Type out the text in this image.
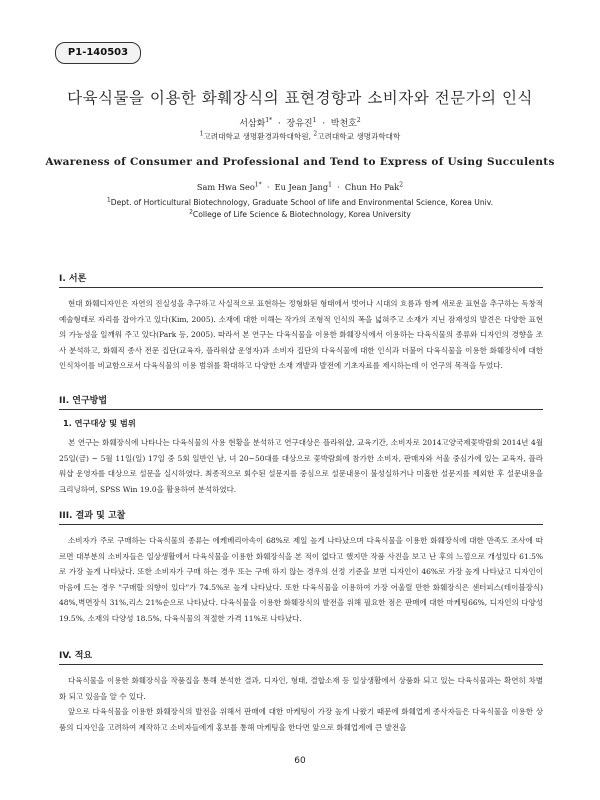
P1-140503
다육식물을 이용한 화훼장식의 표현경향과 소비자와 전문가의 인식
서삼화$^{1*}$  ·  장유진$^1$  ·  박천호$^2$
$^1$고려대학교 생명환경과학대학원, $^2$고려대학교 생명과학대학
Awareness of Consumer and Professional and Tend to Express of Using Succulents
Sam Hwa Seo$^{1*}$  ·  Eu Jean Jang$^1$  ·  Chun Ho Pak$^2$
$^1$Dept. of Horticultural Biotechnology, Graduate School of life and Environmental Science, Korea Univ.
$^2$College of Life Science & Biotechnology, Korea University
I. 서론

현대 화훼디자인은 자연의 진실성을 추구하고 사실적으로 표현하는 정형화된 형태에서 벗어나 시대의 흐름과 함께 새로운 표현을 추구하는 독창적 예술형태로 자리를 잡아가고 있다(Kim, 2005). 소재에 대한 이해는 작가의 조형적 인식의 폭을 넓혀주고 소재가 지닌 잠재성의 발견은 다양한 표현의 가능성을 일깨워 주고 있다(Park 등, 2005). 따라서 본 연구는 다육식물을 이용한 화훼장식에서 이용하는 다육식물의 종류와 디자인의 경향을 조사 분석하고, 화훼직 종사 전문 집단(교육자, 플라워샵 운영자)과 소비자 집단의 다육식물에 대한 인식과 더불어 다육식물을 이용한 화훼장식에 대한 인식차이를 비교함으로서 다육식물의 이용 범위를 확대하고 다양한 소재 개발과 발전에 기초자료를 제시하는데 이 연구의 목적을 두었다.

II. 연구방법
1. 연구대상 및 범위

본 연구는 화훼장식에 나타나는 다육식물의 사용 현황을 분석하고 연구대상은 플라워샵, 교육기간, 소비자로 2014고양국제꽃박람회 2014년 4월 25일(금) ~ 5월 11일(일) 17일 중 5회 일반인 남, 녀 20~50대를 대상으로 꽃박람회에 참가한 소비자, 판매자와 서울 중심가에 있는 교육자, 플라워샵 운영자를 대상으로 설문을 실시하였다. 최종적으로 회수된 설문지를 중심으로 설문내용이 불성실하거나 미흡한 설문지를 제외한 후 설문내용을 크리닝하여, SPSS Win 19.0을 활용하여 분석하였다.

III. 결과 및 고찰

소비자가 주로 구매하는 다육식물의 종류는 에케베리아속이 68%로 제일 높게 나타났으며 다육식물을 이용한 화훼장식에 대한 만족도 조사에 따르면 대부분의 소비자들은 일상생활에서 다육식물을 이용한 화훼장식을 본 적이 없다고 했지만 작품 사진을 보고 난 후의 느낌으로 개성있다 61.5%로 가장 높게 나타났다. 또한 소비자가 구매 하는 경우 또는 구매 하지 않는 경우의 선정 기준을 보면 디자인이 46%로 가장 높게 나타났고 디자인이 마음에 드는 경우 "구매할 의향이 있다"가 74.5%로 높게 나타났다. 또한 다육식물을 이용하여 가장 어울릴 만한 화훼장식은 센터피스(테이블장식) 48%,벽면장식 31%,리스 21%순으로 나타났다. 다육식물을 이용한 화훼장식의 발전을 위해 필요한 점은 판매에 대한 마케팅66%, 디자인의 다양성 19.5%, 소재의 다양성 18.5%, 다육식물의 적절한 가격 11%로 나타났다.

IV. 적요

다육식물을 이용한 화훼장식을 작품집을 통해 분석한 결과, 디자인, 형태, 결합소재 등 일상생활에서 상품화 되고 있는 다육식물과는 확연히 차별화 되고 있음을 알 수 있다.

앞으로 다육식물을 이용한 화훼장식의 발전을 위해서 판매에 대한 마케팅이 가장 높게 나왔기 때문에 화훼업계 종사자들은 다육식물을 이용한 상품의 디자인을 고려하여 제작하고 소비자들에게 홍보를 통해 마케팅을 한다면 앞으로 화훼업계에 큰 발전을

60
